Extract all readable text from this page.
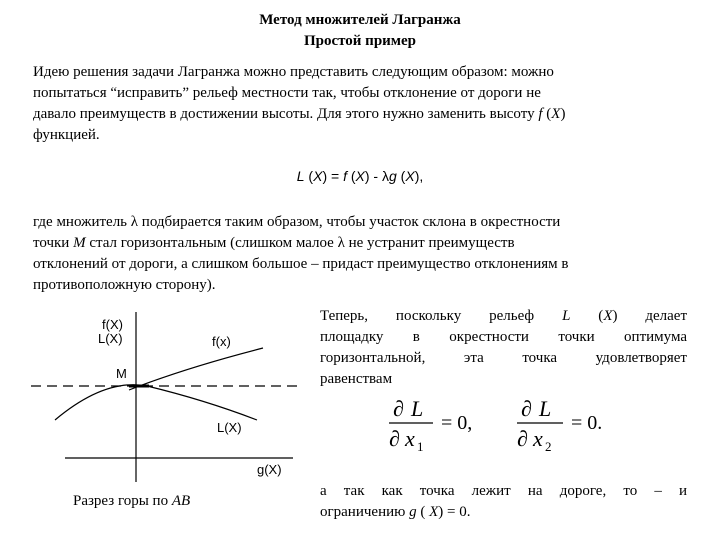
Метод множителей Лагранжа
Простой пример
Идею решения задачи Лагранжа можно представить следующим образом: можно
попытаться “исправить” рельеф местности так, чтобы отклонение от дороги не
давало преимуществ в достижении высоты. Для этого нужно заменить высоту f (X)
функцией.
L (X) = f (X) - λg (X),
где множитель λ подбирается таким образом, чтобы участок склона в окрестности
точки M стал горизонтальным (слишком малое λ не устранит преимуществ
отклонений от дороги, а слишком большое – придаст преимущество отклонениям в
противоположную сторону).
Теперь, поскольку рельеф L (X) делает
площадку в окрестности точки оптимума
горизонтальной, эта точка удовлетворяет
равенствам
∂ L
∂ x 1
= 0,
∂ L
∂ x 2
= 0.
а так как точка лежит на дороге, то – и
ограничению g ( X) = 0.
f(X)
L(X)	f(x)
M
L(X)
g(X)
Разрез горы по AB
